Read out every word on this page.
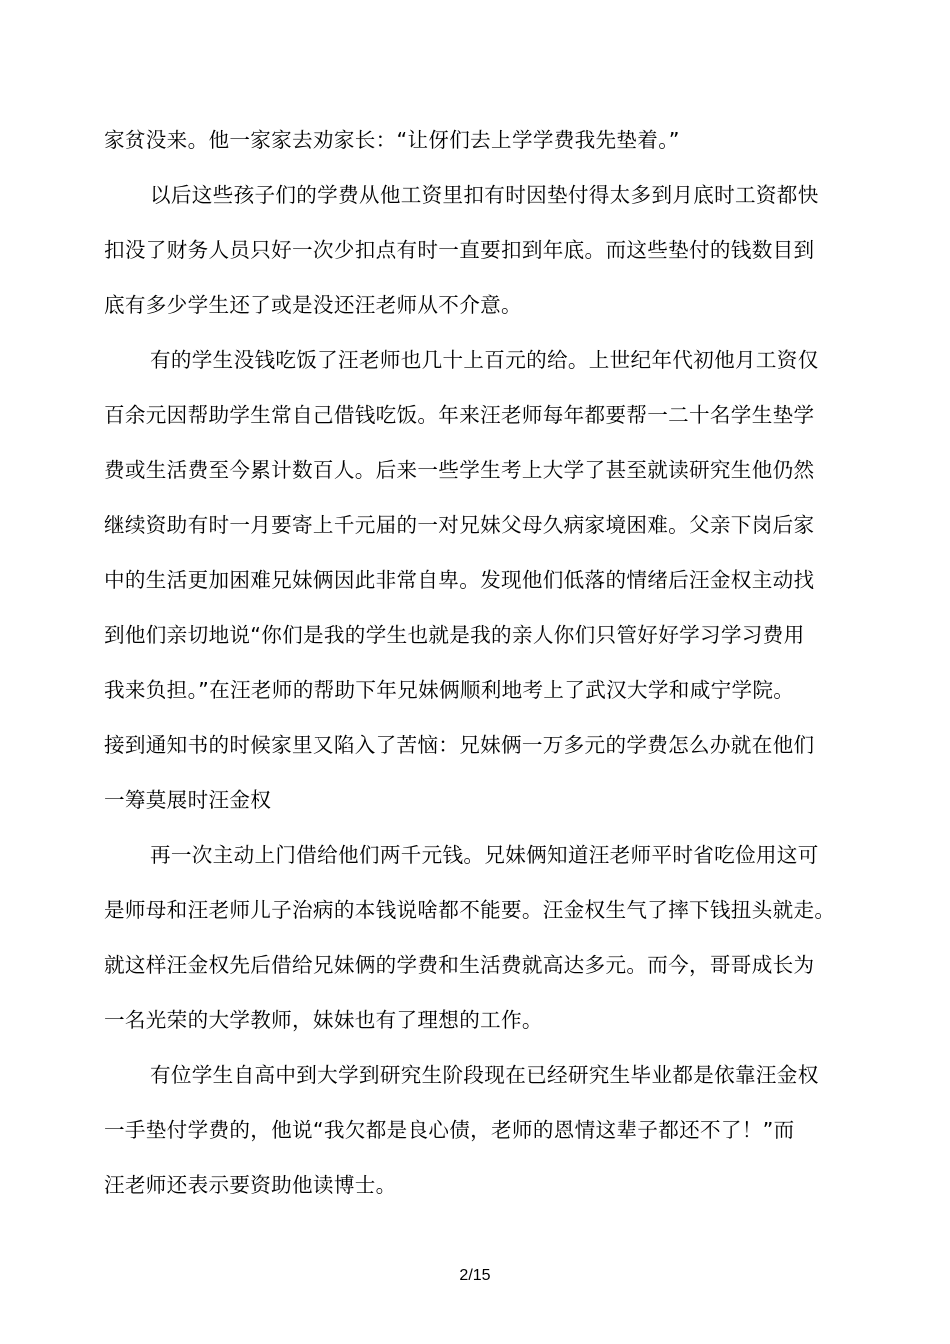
家贫没来。他一家家去劝家长：“让伢们去上学学费我先垫着。”
以后这些孩子们的学费从他工资里扣有时因垫付得太多到月底时工资都快
扣没了财务人员只好一次少扣点有时一直要扣到年底。而这些垫付的钱数目到
底有多少学生还了或是没还汪老师从不介意。
有的学生没钱吃饭了汪老师也几十上百元的给。上世纪年代初他月工资仅
百余元因帮助学生常自己借钱吃饭。年来汪老师每年都要帮一二十名学生垫学
费或生活费至今累计数百人。后来一些学生考上大学了甚至就读研究生他仍然
继续资助有时一月要寄上千元届的一对兄妹父母久病家境困难。父亲下岗后家
中的生活更加困难兄妹俩因此非常自卑。发现他们低落的情绪后汪金权主动找
到他们亲切地说“你们是我的学生也就是我的亲人你们只管好好学习学习费用
我来负担。”在汪老师的帮助下年兄妹俩顺利地考上了武汉大学和咸宁学院。
接到通知书的时候家里又陷入了苦恼：兄妹俩一万多元的学费怎么办就在他们
一筹莫展时汪金权
再一次主动上门借给他们两千元钱。兄妹俩知道汪老师平时省吃俭用这可
是师母和汪老师儿子治病的本钱说啥都不能要。汪金权生气了摔下钱扭头就走。
就这样汪金权先后借给兄妹俩的学费和生活费就高达多元。而今，哥哥成长为
一名光荣的大学教师，妹妹也有了理想的工作。
有位学生自高中到大学到研究生阶段现在已经研究生毕业都是依靠汪金权
一手垫付学费的，他说“我欠都是良心债，老师的恩情这辈子都还不了！”而
汪老师还表示要资助他读博士。
2/15
